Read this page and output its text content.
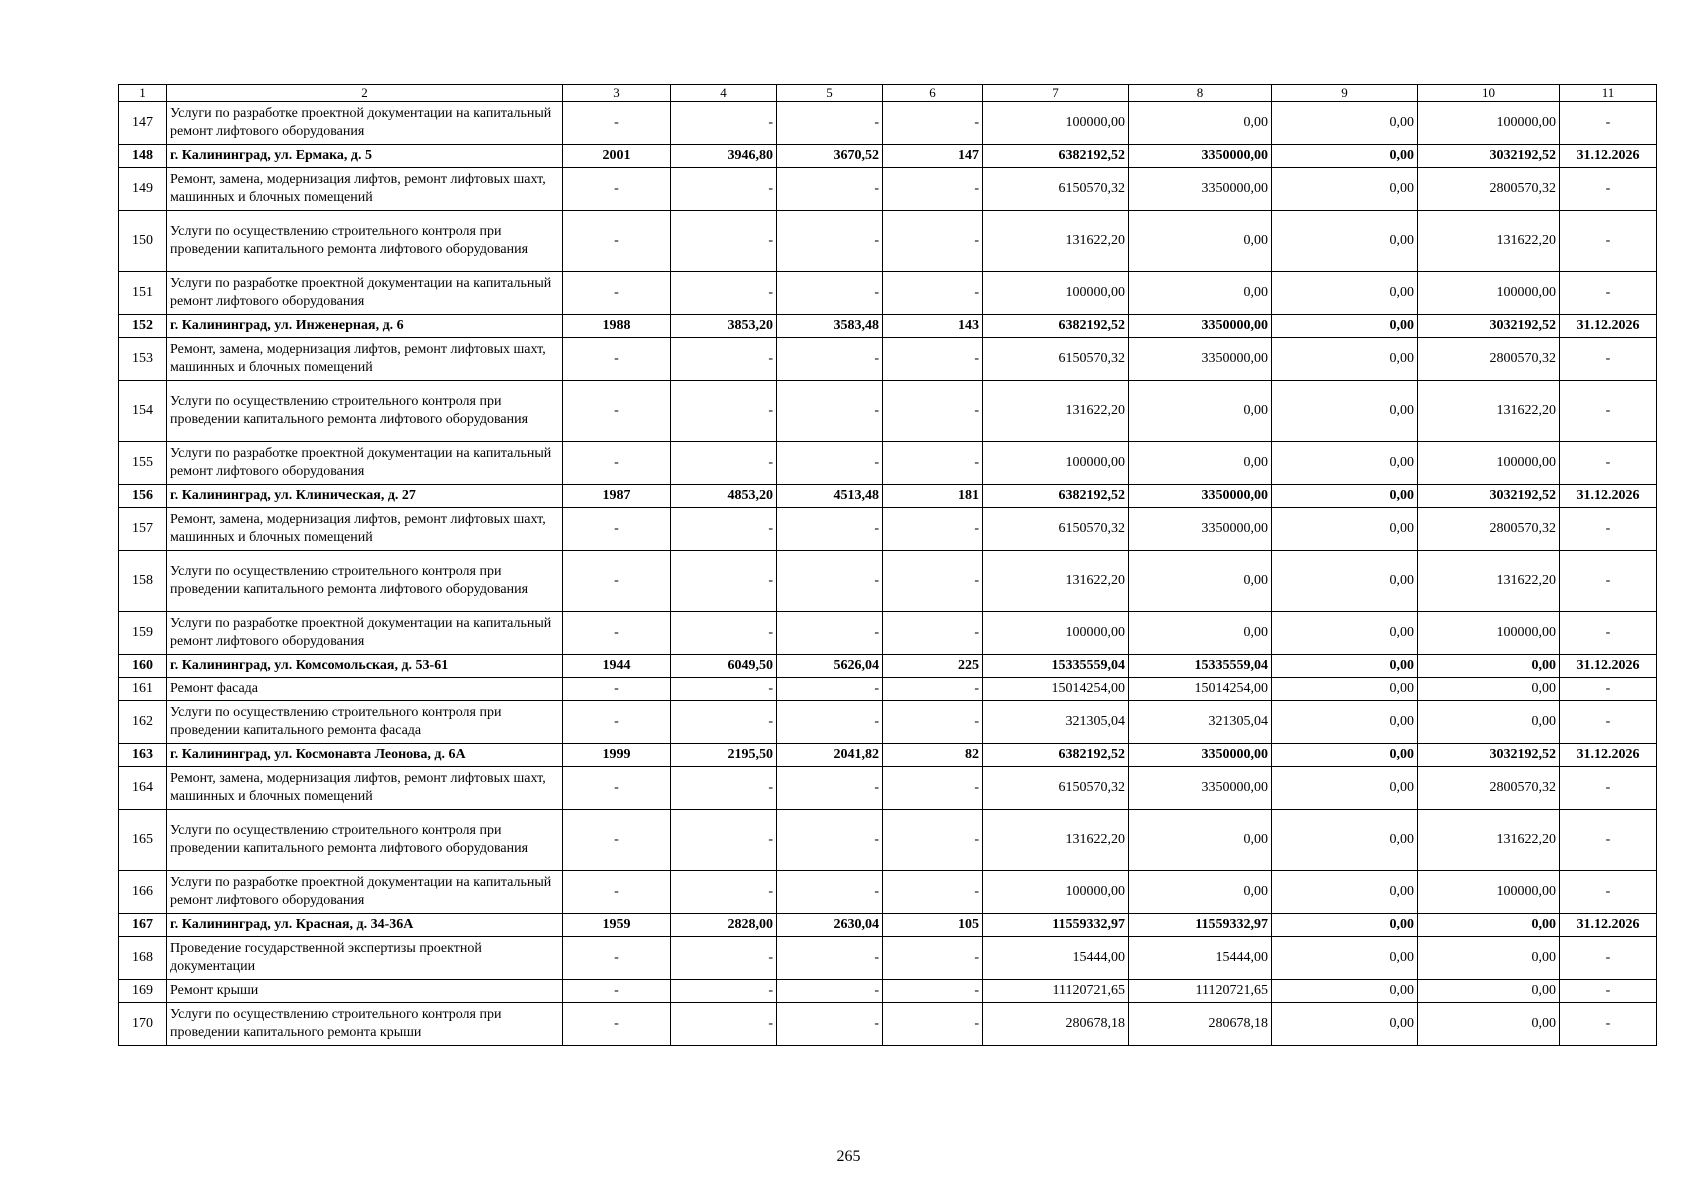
1	2	3	4	5	6	7	8	9	10	11
147	Услуги по разработке проектной документации на капитальный ремонт лифтового оборудования	-	-	-	-	100000,00	0,00	0,00	100000,00	-
148	г. Калининград, ул. Ермака, д. 5	2001	3946,80	3670,52	147	6382192,52	3350000,00	0,00	3032192,52	31.12.2026
149	Ремонт, замена, модернизация лифтов, ремонт лифтовых шахт, машинных и блочных помещений	-	-	-	-	6150570,32	3350000,00	0,00	2800570,32	-
150	Услуги по осуществлению строительного контроля при проведении капитального ремонта лифтового оборудования	-	-	-	-	131622,20	0,00	0,00	131622,20	-
151	Услуги по разработке проектной документации на капитальный ремонт лифтового оборудования	-	-	-	-	100000,00	0,00	0,00	100000,00	-
152	г. Калининград, ул. Инженерная, д. 6	1988	3853,20	3583,48	143	6382192,52	3350000,00	0,00	3032192,52	31.12.2026
153	Ремонт, замена, модернизация лифтов, ремонт лифтовых шахт, машинных и блочных помещений	-	-	-	-	6150570,32	3350000,00	0,00	2800570,32	-
154	Услуги по осуществлению строительного контроля при проведении капитального ремонта лифтового оборудования	-	-	-	-	131622,20	0,00	0,00	131622,20	-
155	Услуги по разработке проектной документации на капитальный ремонт лифтового оборудования	-	-	-	-	100000,00	0,00	0,00	100000,00	-
156	г. Калининград, ул. Клиническая, д. 27	1987	4853,20	4513,48	181	6382192,52	3350000,00	0,00	3032192,52	31.12.2026
157	Ремонт, замена, модернизация лифтов, ремонт лифтовых шахт, машинных и блочных помещений	-	-	-	-	6150570,32	3350000,00	0,00	2800570,32	-
158	Услуги по осуществлению строительного контроля при проведении капитального ремонта лифтового оборудования	-	-	-	-	131622,20	0,00	0,00	131622,20	-
159	Услуги по разработке проектной документации на капитальный ремонт лифтового оборудования	-	-	-	-	100000,00	0,00	0,00	100000,00	-
160	г. Калининград, ул. Комсомольская, д. 53-61	1944	6049,50	5626,04	225	15335559,04	15335559,04	0,00	0,00	31.12.2026
161	Ремонт фасада	-	-	-	-	15014254,00	15014254,00	0,00	0,00	-
162	Услуги по осуществлению строительного контроля при проведении капитального ремонта фасада	-	-	-	-	321305,04	321305,04	0,00	0,00	-
163	г. Калининград, ул. Космонавта Леонова, д. 6А	1999	2195,50	2041,82	82	6382192,52	3350000,00	0,00	3032192,52	31.12.2026
164	Ремонт, замена, модернизация лифтов, ремонт лифтовых шахт, машинных и блочных помещений	-	-	-	-	6150570,32	3350000,00	0,00	2800570,32	-
165	Услуги по осуществлению строительного контроля при проведении капитального ремонта лифтового оборудования	-	-	-	-	131622,20	0,00	0,00	131622,20	-
166	Услуги по разработке проектной документации на капитальный ремонт лифтового оборудования	-	-	-	-	100000,00	0,00	0,00	100000,00	-
167	г. Калининград, ул. Красная, д. 34-36А	1959	2828,00	2630,04	105	11559332,97	11559332,97	0,00	0,00	31.12.2026
168	Проведение государственной экспертизы проектной документации	-	-	-	-	15444,00	15444,00	0,00	0,00	-
169	Ремонт крыши	-	-	-	-	11120721,65	11120721,65	0,00	0,00	-
170	Услуги по осуществлению строительного контроля при проведении капитального ремонта крыши	-	-	-	-	280678,18	280678,18	0,00	0,00	-
265
